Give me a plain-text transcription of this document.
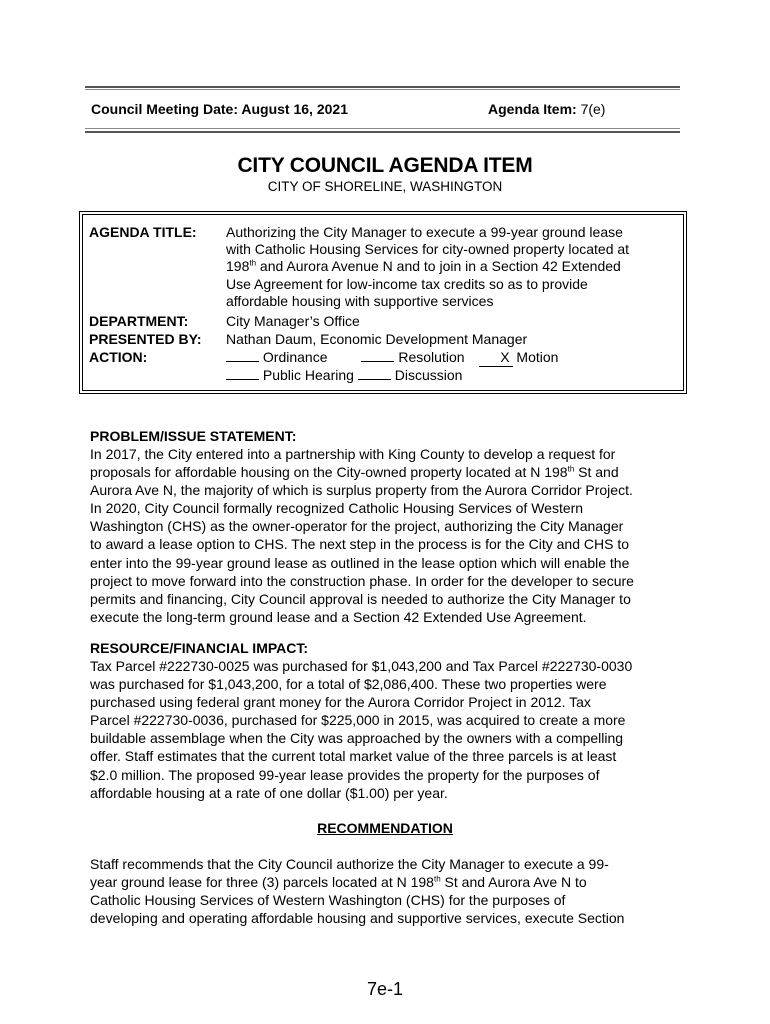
Council Meeting Date: August 16, 2021	Agenda Item: 7(e)
CITY COUNCIL AGENDA ITEM
CITY OF SHORELINE, WASHINGTON
AGENDA TITLE: Authorizing the City Manager to execute a 99-year ground lease
with Catholic Housing Services for city-owned property located at
198th and Aurora Avenue N and to join in a Section 42 Extended
Use Agreement for low-income tax credits so as to provide
affordable housing with supportive services
DEPARTMENT:	City Manager’s Office
PRESENTED BY: Nathan Daum, Economic Development Manager
ACTION:	Ordinance	Resolution	X Motion
Public Hearing	Discussion
PROBLEM/ISSUE STATEMENT:
In 2017, the City entered into a partnership with King County to develop a request for
proposals for affordable housing on the City-owned property located at N 198th St and
Aurora Ave N, the majority of which is surplus property from the Aurora Corridor Project.
In 2020, City Council formally recognized Catholic Housing Services of Western
Washington (CHS) as the owner-operator for the project, authorizing the City Manager
to award a lease option to CHS. The next step in the process is for the City and CHS to
enter into the 99-year ground lease as outlined in the lease option which will enable the
project to move forward into the construction phase. In order for the developer to secure
permits and financing, City Council approval is needed to authorize the City Manager to
execute the long-term ground lease and a Section 42 Extended Use Agreement.
RESOURCE/FINANCIAL IMPACT:
Tax Parcel #222730-0025 was purchased for $1,043,200 and Tax Parcel #222730-0030
was purchased for $1,043,200, for a total of $2,086,400. These two properties were
purchased using federal grant money for the Aurora Corridor Project in 2012. Tax
Parcel #222730-0036, purchased for $225,000 in 2015, was acquired to create a more
buildable assemblage when the City was approached by the owners with a compelling
offer. Staff estimates that the current total market value of the three parcels is at least
$2.0 million. The proposed 99-year lease provides the property for the purposes of
affordable housing at a rate of one dollar ($1.00) per year.
RECOMMENDATION
Staff recommends that the City Council authorize the City Manager to execute a 99-
year ground lease for three (3) parcels located at N 198th St and Aurora Ave N to
Catholic Housing Services of Western Washington (CHS) for the purposes of
developing and operating affordable housing and supportive services, execute Section
7e-1
